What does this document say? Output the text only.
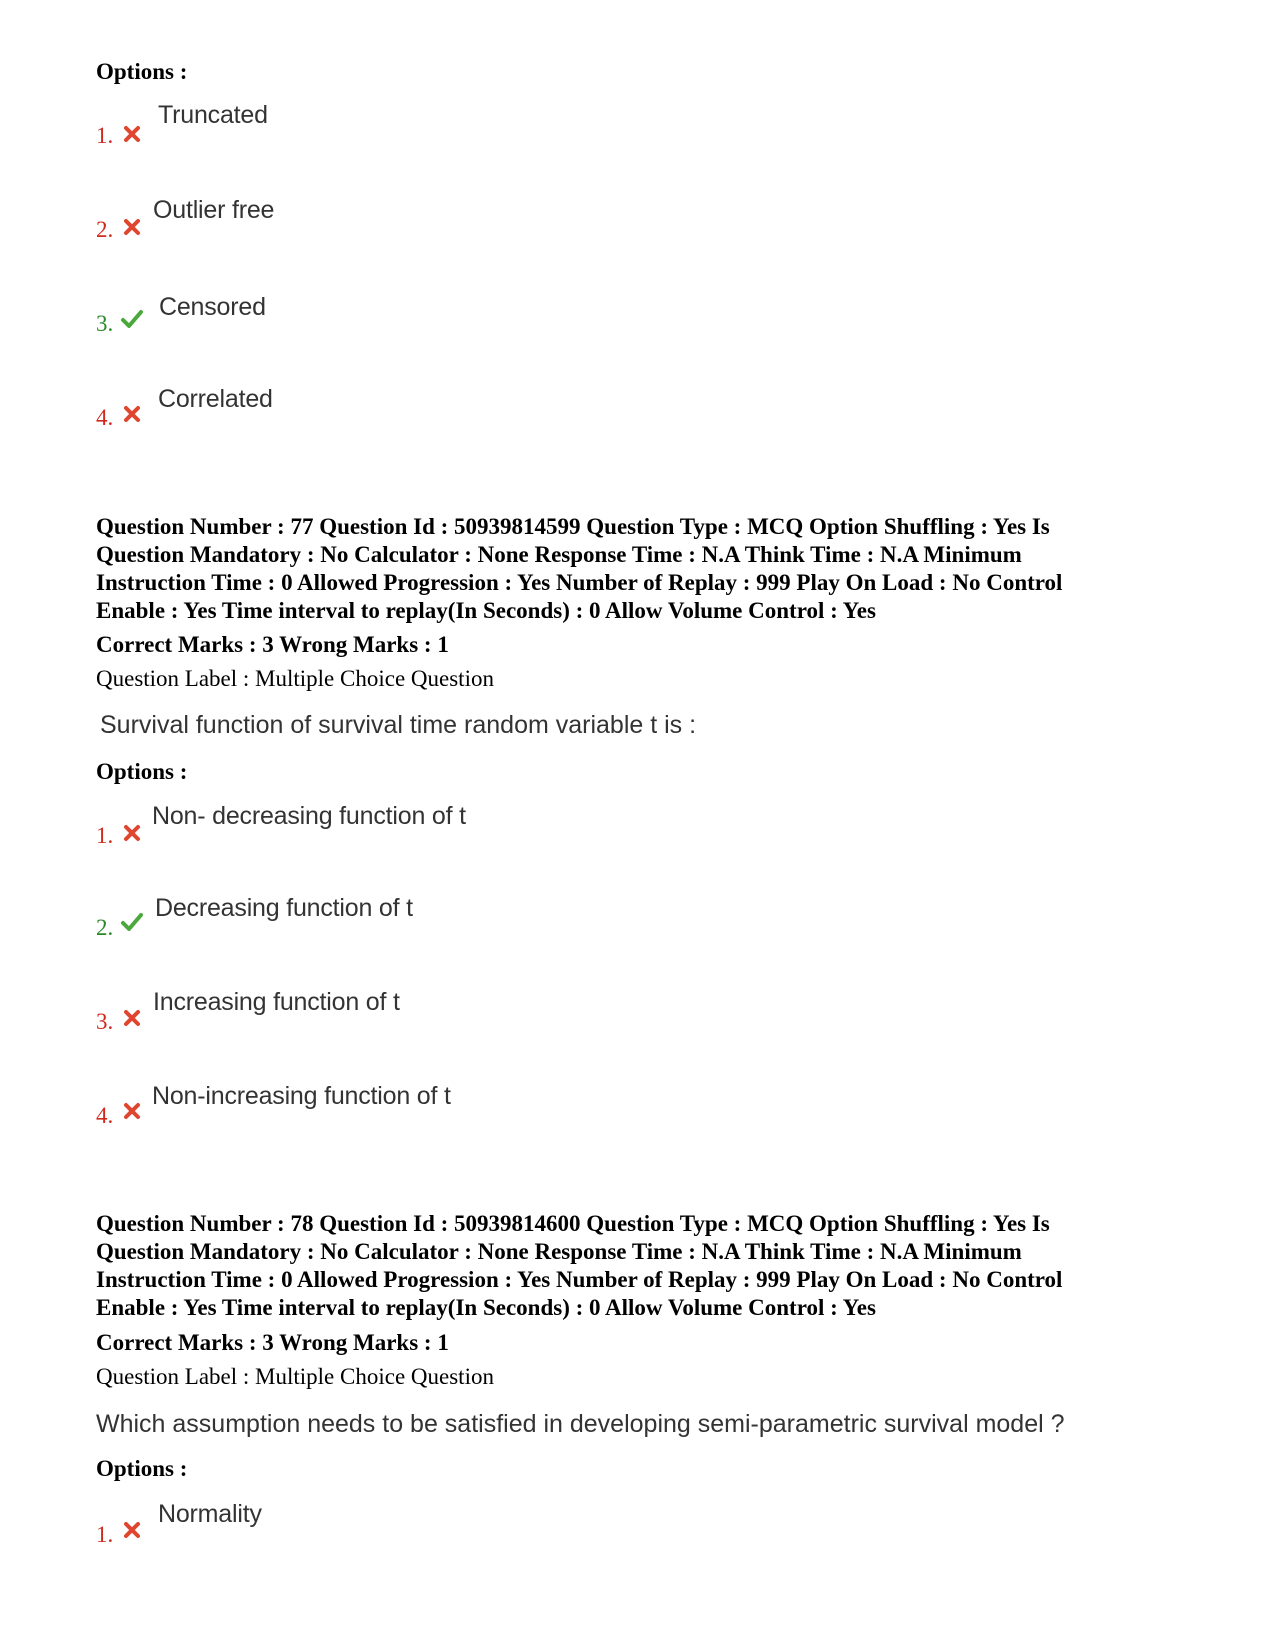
Options :
1.
Truncated
2.
Outlier free
3.
Censored
4.
Correlated
Question Number : 77 Question Id : 50939814599 Question Type : MCQ Option Shuffling : Yes Is
Question Mandatory : No Calculator : None Response Time : N.A Think Time : N.A Minimum
Instruction Time : 0 Allowed Progression : Yes Number of Replay : 999 Play On Load : No Control
Enable : Yes Time interval to replay(In Seconds) : 0 Allow Volume Control : Yes
Correct Marks : 3 Wrong Marks : 1
Question Label : Multiple Choice Question
Survival function of survival time random variable t is :
Options :
1.
Non- decreasing function of t
2.
Decreasing function of t
3.
Increasing function of t
4.
Non-increasing function of t
Question Number : 78 Question Id : 50939814600 Question Type : MCQ Option Shuffling : Yes Is
Question Mandatory : No Calculator : None Response Time : N.A Think Time : N.A Minimum
Instruction Time : 0 Allowed Progression : Yes Number of Replay : 999 Play On Load : No Control
Enable : Yes Time interval to replay(In Seconds) : 0 Allow Volume Control : Yes
Correct Marks : 3 Wrong Marks : 1
Question Label : Multiple Choice Question
Which assumption needs to be satisfied in developing semi-parametric survival model ?
Options :
1.
Normality
